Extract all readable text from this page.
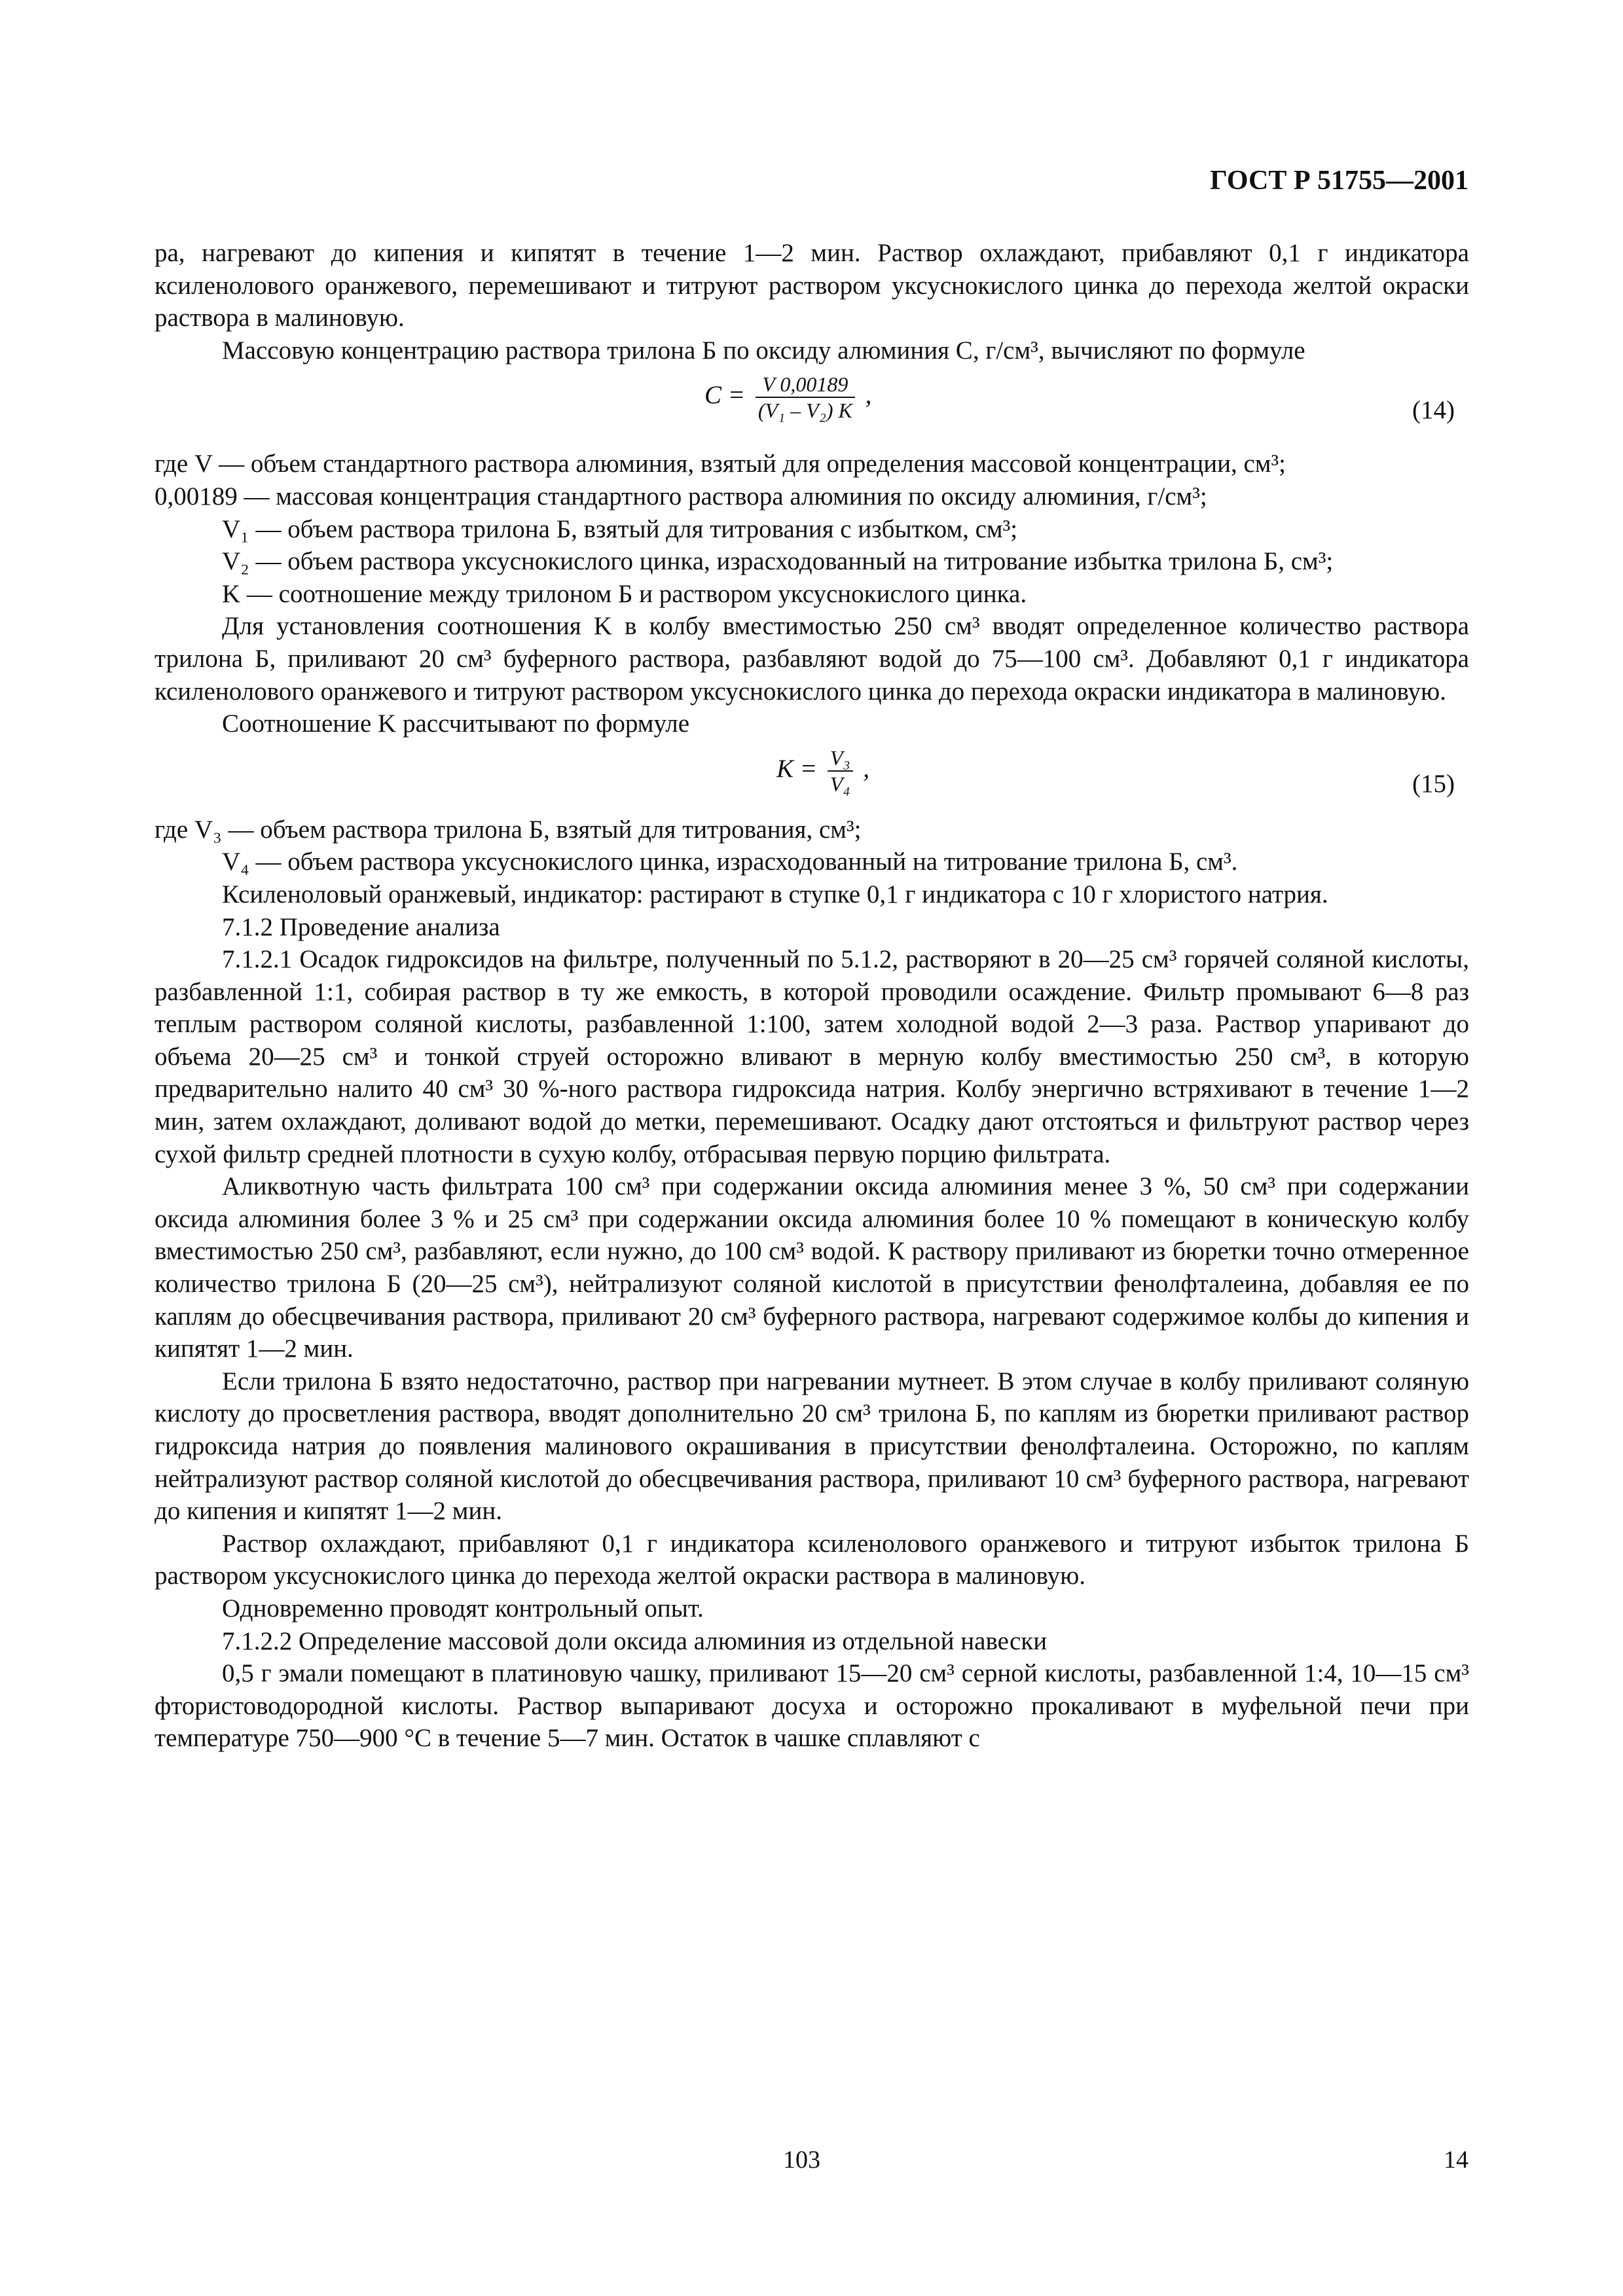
ГОСТ Р 51755—2001

ра, нагревают до кипения и кипятят в течение 1—2 мин. Раствор охлаждают, прибавляют 0,1 г индикатора ксиленолового оранжевого, перемешивают и титруют раствором уксуснокислого цинка до перехода желтой окраски раствора в малиновую.

Массовую концентрацию раствора трилона Б по оксиду алюминия C, г/см³, вычисляют по формуле

$C = \frac{V 0,00189}{\text{(V₁ – V₂) K}}$ ,
(14)

где V — объем стандартного раствора алюминия, взятый для определения массовой концентрации, см³;

0,00189 — массовая концентрация стандартного раствора алюминия по оксиду алюминия, г/см³;

V₁ — объем раствора трилона Б, взятый для титрования с избытком, см³;

V₂ — объем раствора уксуснокислого цинка, израсходованный на титрование избытка трилона Б, см³;

K — соотношение между трилоном Б и раствором уксуснокислого цинка.

Для установления соотношения K в колбу вместимостью 250 см³ вводят определенное количество раствора трилона Б, приливают 20 см³ буферного раствора, разбавляют водой до 75—100 см³. Добавляют 0,1 г индикатора ксиленолового оранжевого и титруют раствором уксуснокислого цинка до перехода окраски индикатора в малиновую.

Соотношение K рассчитывают по формуле

$K = \frac{\text{V₃}}{\text{V₄}}$ ,
(15)

где V₃ — объем раствора трилона Б, взятый для титрования, см³;

V₄ — объем раствора уксуснокислого цинка, израсходованный на титрование трилона Б, см³.

Ксиленоловый оранжевый, индикатор: растирают в ступке 0,1 г индикатора с 10 г хлористого натрия.

7.1.2 Проведение анализа

7.1.2.1 Осадок гидроксидов на фильтре, полученный по 5.1.2, растворяют в 20—25 см³ горячей соляной кислоты, разбавленной 1:1, собирая раствор в ту же емкость, в которой проводили осаждение. Фильтр промывают 6—8 раз теплым раствором соляной кислоты, разбавленной 1:100, затем холодной водой 2—3 раза. Раствор упаривают до объема 20—25 см³ и тонкой струей осторожно вливают в мерную колбу вместимостью 250 см³, в которую предварительно налито 40 см³ 30 %-ного раствора гидроксида натрия. Колбу энергично встряхивают в течение 1—2 мин, затем охлаждают, доливают водой до метки, перемешивают. Осадку дают отстояться и фильтруют раствор через сухой фильтр средней плотности в сухую колбу, отбрасывая первую порцию фильтрата.

Аликвотную часть фильтрата 100 см³ при содержании оксида алюминия менее 3 %, 50 см³ при содержании оксида алюминия более 3 % и 25 см³ при содержании оксида алюминия более 10 % помещают в коническую колбу вместимостью 250 см³, разбавляют, если нужно, до 100 см³ водой. К раствору приливают из бюретки точно отмеренное количество трилона Б (20—25 см³), нейтрализуют соляной кислотой в присутствии фенолфталеина, добавляя ее по каплям до обесцвечивания раствора, приливают 20 см³ буферного раствора, нагревают содержимое колбы до кипения и кипятят 1—2 мин.

Если трилона Б взято недостаточно, раствор при нагревании мутнеет. В этом случае в колбу приливают соляную кислоту до просветления раствора, вводят дополнительно 20 см³ трилона Б, по каплям из бюретки приливают раствор гидроксида натрия до появления малинового окрашивания в присутствии фенолфталеина. Осторожно, по каплям нейтрализуют раствор соляной кислотой до обесцвечивания раствора, приливают 10 см³ буферного раствора, нагревают до кипения и кипятят 1—2 мин.

Раствор охлаждают, прибавляют 0,1 г индикатора ксиленолового оранжевого и титруют избыток трилона Б раствором уксуснокислого цинка до перехода желтой окраски раствора в малиновую.

Одновременно проводят контрольный опыт.

7.1.2.2 Определение массовой доли оксида алюминия из отдельной навески

0,5 г эмали помещают в платиновую чашку, приливают 15—20 см³ серной кислоты, разбавленной 1:4, 10—15 см³ фтористоводородной кислоты. Раствор выпаривают досуха и осторожно прокаливают в муфельной печи при температуре 750—900 °C в течение 5—7 мин. Остаток в чашке сплавляют с

103	14
